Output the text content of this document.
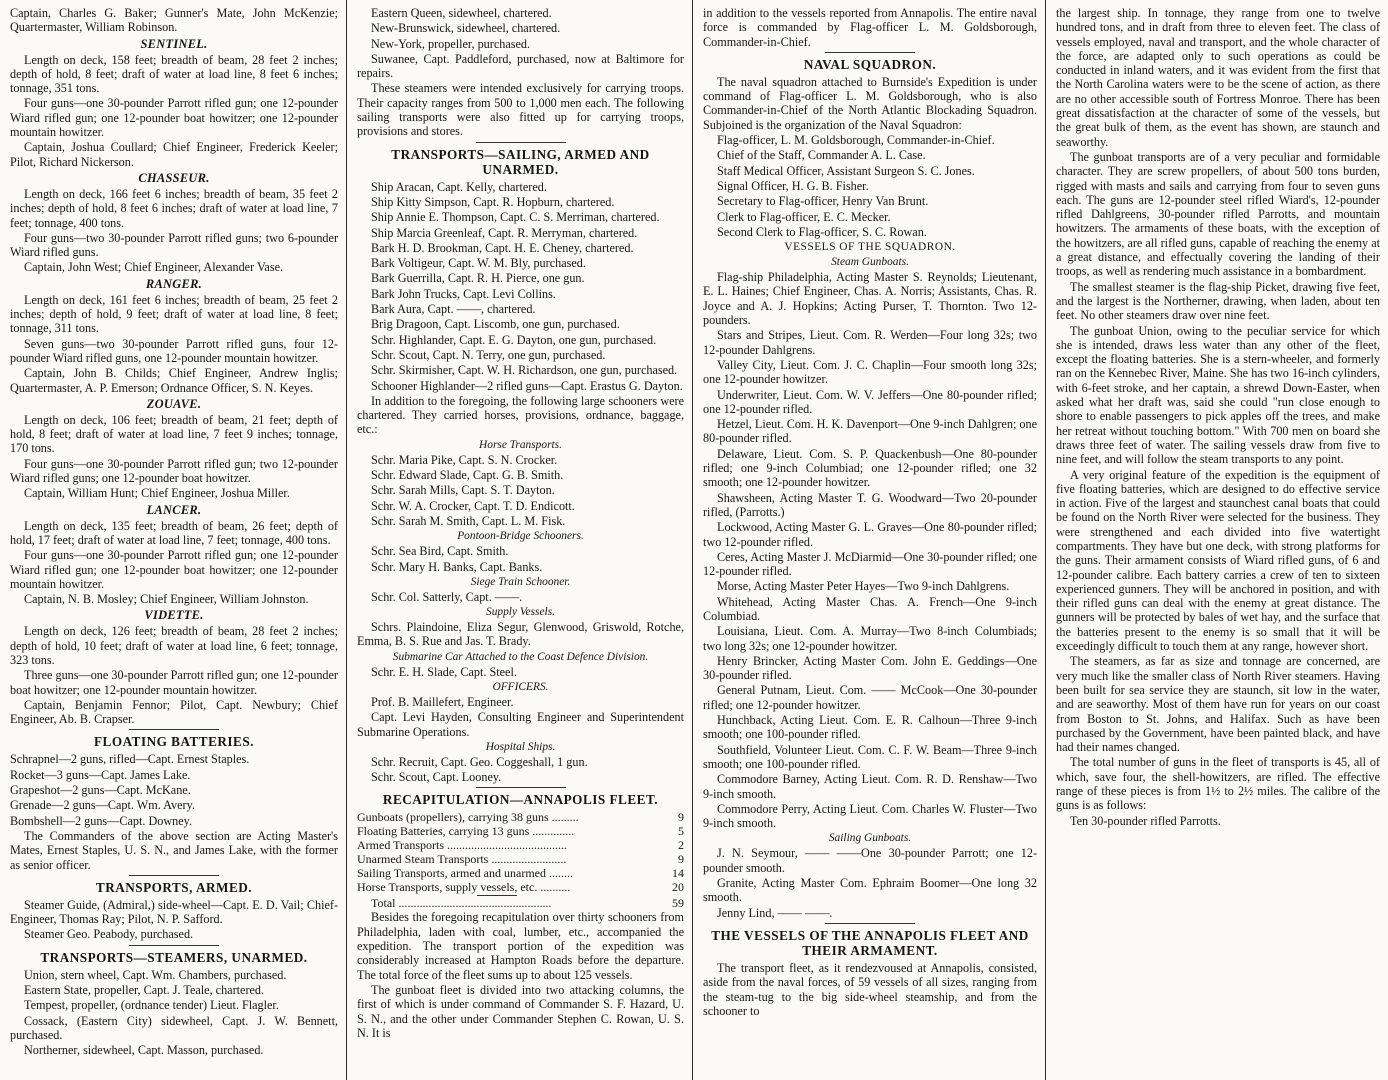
Captain, Charles G. Baker; Gunner's Mate, John McKenzie; Quartermaster, William Robinson.

SENTINEL.

Length on deck, 158 feet; breadth of beam, 28 feet 2 inches; depth of hold, 8 feet; draft of water at load line, 8 feet 6 inches; tonnage, 351 tons.

Four guns—one 30-pounder Parrott rifled gun; one 12-pounder Wiard rifled gun; one 12-pounder boat howitzer; one 12-pounder mountain howitzer.

Captain, Joshua Coullard; Chief Engineer, Frederick Keeler; Pilot, Richard Nickerson.

CHASSEUR.

Length on deck, 166 feet 6 inches; breadth of beam, 35 feet 2 inches; depth of hold, 8 feet 6 inches; draft of water at load line, 7 feet; tonnage, 400 tons.

Four guns—two 30-pounder Parrott rifled guns; two 6-pounder Wiard rifled guns.

Captain, John West; Chief Engineer, Alexander Vase.

RANGER.

Length on deck, 161 feet 6 inches; breadth of beam, 25 feet 2 inches; depth of hold, 9 feet; draft of water at load line, 8 feet; tonnage, 311 tons.

Seven guns—two 30-pounder Parrott rifled guns, four 12-pounder Wiard rifled guns, one 12-pounder mountain howitzer.

Captain, John B. Childs; Chief Engineer, Andrew Inglis; Quartermaster, A. P. Emerson; Ordnance Officer, S. N. Keyes.

ZOUAVE.

Length on deck, 106 feet; breadth of beam, 21 feet; depth of hold, 8 feet; draft of water at load line, 7 feet 9 inches; tonnage, 170 tons.

Four guns—one 30-pounder Parrott rifled gun; two 12-pounder Wiard rifled guns; one 12-pounder boat howitzer.

Captain, William Hunt; Chief Engineer, Joshua Miller.

LANCER.

Length on deck, 135 feet; breadth of beam, 26 feet; depth of hold, 17 feet; draft of water at load line, 7 feet; tonnage, 400 tons.

Four guns—one 30-pounder Parrott rifled gun; one 12-pounder Wiard rifled gun; one 12-pounder boat howitzer; one 12-pounder mountain howitzer.

Captain, N. B. Mosley; Chief Engineer, William Johnston.

VIDETTE.

Length on deck, 126 feet; breadth of beam, 28 feet 2 inches; depth of hold, 10 feet; draft of water at load line, 6 feet; tonnage, 323 tons.

Three guns—one 30-pounder Parrott rifled gun; one 12-pounder boat howitzer; one 12-pounder mountain howitzer.

Captain, Benjamin Fennor; Pilot, Capt. Newbury; Chief Engineer, Ab. B. Crapser.

FLOATING BATTERIES.

Schrapnel—2 guns, rifled—Capt. Ernest Staples.

Rocket—3 guns—Capt. James Lake.

Grapeshot—2 guns—Capt. McKane.

Grenade—2 guns—Capt. Wm. Avery.

Bombshell—2 guns—Capt. Downey.

The Commanders of the above section are Acting Master's Mates, Ernest Staples, U. S. N., and James Lake, with the former as senior officer.

TRANSPORTS, ARMED.

Steamer Guide, (Admiral,) side-wheel—Capt. E. D. Vail; Chief-Engineer, Thomas Ray; Pilot, N. P. Safford.

Steamer Geo. Peabody, purchased.

TRANSPORTS—STEAMERS, UNARMED.

Union, stern wheel, Capt. Wm. Chambers, purchased.

Eastern State, propeller, Capt. J. Teale, chartered.

Tempest, propeller, (ordnance tender) Lieut. Flagler.

Cossack, (Eastern City) sidewheel, Capt. J. W. Bennett, purchased.

Northerner, sidewheel, Capt. Masson, purchased.

Eastern Queen, sidewheel, chartered.

New-Brunswick, sidewheel, chartered.

New-York, propeller, purchased.

Suwanee, Capt. Paddleford, purchased, now at Baltimore for repairs.

These steamers were intended exclusively for carrying troops. Their capacity ranges from 500 to 1,000 men each. The following sailing transports were also fitted up for carrying troops, provisions and stores.

TRANSPORTS—SAILING, ARMED AND UNARMED.

Ship Aracan, Capt. Kelly, chartered.

Ship Kitty Simpson, Capt. R. Hopburn, chartered.

Ship Annie E. Thompson, Capt. C. S. Merriman, chartered.

Ship Marcia Greenleaf, Capt. R. Merryman, chartered.

Bark H. D. Brookman, Capt. H. E. Cheney, chartered.

Bark Voltigeur, Capt. W. M. Bly, purchased.

Bark Guerrilla, Capt. R. H. Pierce, one gun.

Bark John Trucks, Capt. Levi Collins.

Bark Aura, Capt. ——, chartered.

Brig Dragoon, Capt. Liscomb, one gun, purchased.

Schr. Highlander, Capt. E. G. Dayton, one gun, purchased.

Schr. Scout, Capt. N. Terry, one gun, purchased.

Schr. Skirmisher, Capt. W. H. Richardson, one gun, purchased.

Schooner Highlander—2 rifled guns—Capt. Erastus G. Dayton.

In addition to the foregoing, the following large schooners were chartered. They carried horses, provisions, ordnance, baggage, etc.:

Horse Transports.

Schr. Maria Pike, Capt. S. N. Crocker.

Schr. Edward Slade, Capt. G. B. Smith.

Schr. Sarah Mills, Capt. S. T. Dayton.

Schr. W. A. Crocker, Capt. T. D. Endicott.

Schr. Sarah M. Smith, Capt. L. M. Fisk.

Pontoon-Bridge Schooners.

Schr. Sea Bird, Capt. Smith.

Schr. Mary H. Banks, Capt. Banks.

Siege Train Schooner.

Schr. Col. Satterly, Capt. ——.

Supply Vessels.

Schrs. Plaindoine, Eliza Segur, Glenwood, Griswold, Rotche, Emma, B. S. Rue and Jas. T. Brady.

Submarine Car Attached to the Coast Defence Division.

Schr. E. H. Slade, Capt. Steel.

OFFICERS.

Prof. B. Maillefert, Engineer.

Capt. Levi Hayden, Consulting Engineer and Superintendent Submarine Operations.

Hospital Ships.

Schr. Recruit, Capt. Geo. Coggeshall, 1 gun.

Schr. Scout, Capt. Looney.

RECAPITULATION—ANNAPOLIS FLEET.
Gunboats (propellers), carrying 38 guns .........	9
Floating Batteries, carrying 13 guns ..............	5
Armed Transports ........................................	2
Unarmed Steam Transports .........................	9
Sailing Transports, armed and unarmed ........	14
Horse Transports, supply vessels, etc. ..........	20
Total ...................................................	59

Besides the foregoing recapitulation over thirty schooners from Philadelphia, laden with coal, lumber, etc., accompanied the expedition. The transport portion of the expedition was considerably increased at Hampton Roads before the departure. The total force of the fleet sums up to about 125 vessels.

The gunboat fleet is divided into two attacking columns, the first of which is under command of Commander S. F. Hazard, U. S. N., and the other under Commander Stephen C. Rowan, U. S. N. It is

in addition to the vessels reported from Annapolis. The entire naval force is commanded by Flag-officer L. M. Goldsborough, Commander-in-Chief.

NAVAL SQUADRON.

The naval squadron attached to Burnside's Expedition is under command of Flag-officer L. M. Goldsborough, who is also Commander-in-Chief of the North Atlantic Blockading Squadron. Subjoined is the organization of the Naval Squadron:

Flag-officer, L. M. Goldsborough, Commander-in-Chief.

Chief of the Staff, Commander A. L. Case.

Staff Medical Officer, Assistant Surgeon S. C. Jones.

Signal Officer, H. G. B. Fisher.

Secretary to Flag-officer, Henry Van Brunt.

Clerk to Flag-officer, E. C. Mecker.

Second Clerk to Flag-officer, S. C. Rowan.

VESSELS OF THE SQUADRON.
Steam Gunboats.

Flag-ship Philadelphia, Acting Master S. Reynolds; Lieutenant, E. L. Haines; Chief Engineer, Chas. A. Norris; Assistants, Chas. R. Joyce and A. J. Hopkins; Acting Purser, T. Thornton. Two 12-pounders.

Stars and Stripes, Lieut. Com. R. Werden—Four long 32s; two 12-pounder Dahlgrens.

Valley City, Lieut. Com. J. C. Chaplin—Four smooth long 32s; one 12-pounder howitzer.

Underwriter, Lieut. Com. W. V. Jeffers—One 80-pounder rifled; one 12-pounder rifled.

Hetzel, Lieut. Com. H. K. Davenport—One 9-inch Dahlgren; one 80-pounder rifled.

Delaware, Lieut. Com. S. P. Quackenbush—One 80-pounder rifled; one 9-inch Columbiad; one 12-pounder rifled; one 32 smooth; one 12-pounder howitzer.

Shawsheen, Acting Master T. G. Woodward—Two 20-pounder rifled, (Parrotts.)

Lockwood, Acting Master G. L. Graves—One 80-pounder rifled; two 12-pounder rifled.

Ceres, Acting Master J. McDiarmid—One 30-pounder rifled; one 12-pounder rifled.

Morse, Acting Master Peter Hayes—Two 9-inch Dahlgrens.

Whitehead, Acting Master Chas. A. French—One 9-inch Columbiad.

Louisiana, Lieut. Com. A. Murray—Two 8-inch Columbiads; two long 32s; one 12-pounder howitzer.

Henry Brincker, Acting Master Com. John E. Geddings—One 30-pounder rifled.

General Putnam, Lieut. Com. —— McCook—One 30-pounder rifled; one 12-pounder howitzer.

Hunchback, Acting Lieut. Com. E. R. Calhoun—Three 9-inch smooth; one 100-pounder rifled.

Southfield, Volunteer Lieut. Com. C. F. W. Beam—Three 9-inch smooth; one 100-pounder rifled.

Commodore Barney, Acting Lieut. Com. R. D. Renshaw—Two 9-inch smooth.

Commodore Perry, Acting Lieut. Com. Charles W. Fluster—Two 9-inch smooth.

Sailing Gunboats.

J. N. Seymour, —— ——One 30-pounder Parrott; one 12-pounder smooth.

Granite, Acting Master Com. Ephraim Boomer—One long 32 smooth.

Jenny Lind, —— ——.

THE VESSELS OF THE ANNAPOLIS FLEET AND THEIR ARMAMENT.

The transport fleet, as it rendezvoused at Annapolis, consisted, aside from the naval forces, of 59 vessels of all sizes, ranging from the steam-tug to the big side-wheel steamship, and from the schooner to

the largest ship. In tonnage, they range from one to twelve hundred tons, and in draft from three to eleven feet. The class of vessels employed, naval and transport, and the whole character of the force, are adapted only to such operations as could be conducted in inland waters, and it was evident from the first that the North Carolina waters were to be the scene of action, as there are no other accessible south of Fortress Monroe. There has been great dissatisfaction at the character of some of the vessels, but the great bulk of them, as the event has shown, are staunch and seaworthy.

The gunboat transports are of a very peculiar and formidable character. They are screw propellers, of about 500 tons burden, rigged with masts and sails and carrying from four to seven guns each. The guns are 12-pounder steel rifled Wiard's, 12-pounder rifled Dahlgreens, 30-pounder rifled Parrotts, and mountain howitzers. The armaments of these boats, with the exception of the howitzers, are all rifled guns, capable of reaching the enemy at a great distance, and effectually covering the landing of their troops, as well as rendering much assistance in a bombardment.

The smallest steamer is the flag-ship Picket, drawing five feet, and the largest is the Northerner, drawing, when laden, about ten feet. No other steamers draw over nine feet.

The gunboat Union, owing to the peculiar service for which she is intended, draws less water than any other of the fleet, except the floating batteries. She is a stern-wheeler, and formerly ran on the Kennebec River, Maine. She has two 16-inch cylinders, with 6-feet stroke, and her captain, a shrewd Down-Easter, when asked what her draft was, said she could "run close enough to shore to enable passengers to pick apples off the trees, and make her retreat without touching bottom." With 700 men on board she draws three feet of water. The sailing vessels draw from five to nine feet, and will follow the steam transports to any point.

A very original feature of the expedition is the equipment of five floating batteries, which are designed to do effective service in action. Five of the largest and staunchest canal boats that could be found on the North River were selected for the business. They were strengthened and each divided into five watertight compartments. They have but one deck, with strong platforms for the guns. Their armament consists of Wiard rifled guns, of 6 and 12-pounder calibre. Each battery carries a crew of ten to sixteen experienced gunners. They will be anchored in position, and with their rifled guns can deal with the enemy at great distance. The gunners will be protected by bales of wet hay, and the surface that the batteries present to the enemy is so small that it will be exceedingly difficult to touch them at any range, however short.

The steamers, as far as size and tonnage are concerned, are very much like the smaller class of North River steamers. Having been built for sea service they are staunch, sit low in the water, and are seaworthy. Most of them have run for years on our coast from Boston to St. Johns, and Halifax. Such as have been purchased by the Government, have been painted black, and have had their names changed.

The total number of guns in the fleet of transports is 45, all of which, save four, the shell-howitzers, are rifled. The effective range of these pieces is from 1½ to 2½ miles. The calibre of the guns is as follows:

Ten 30-pounder rifled Parrotts.
